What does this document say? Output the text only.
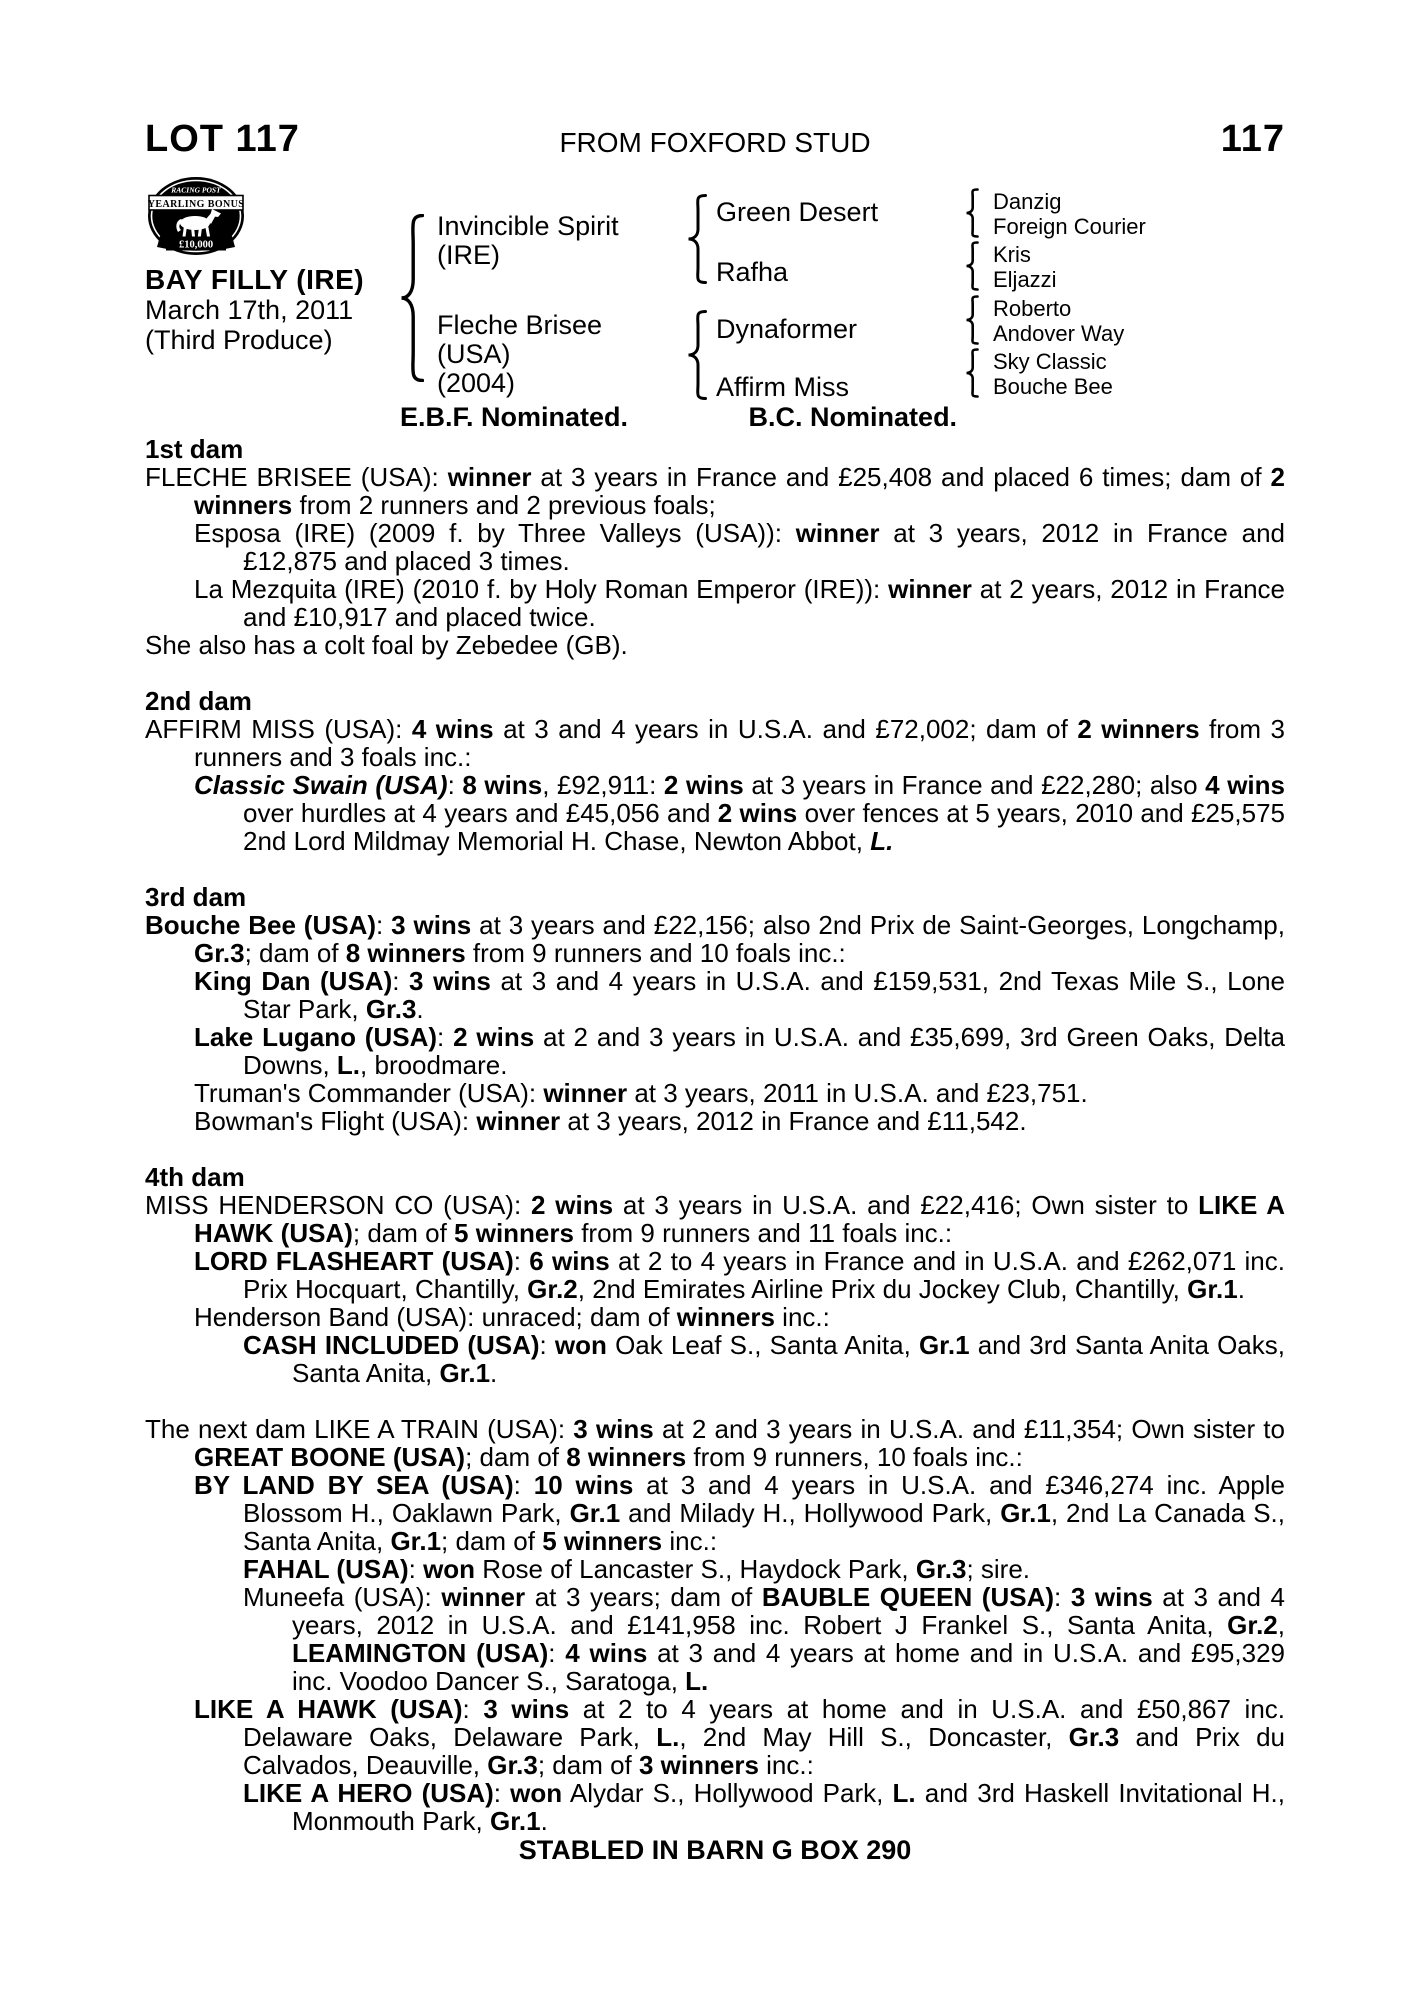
LOT 117	FROM FOXFORD STUD	117
RACING POST
YEARLING BONUS
£10,000
BAY FILLY (IRE)
March 17th, 2011
(Third Produce)
Invincible Spirit
(IRE)
Fleche Brisee
(USA)
(2004)
Green Desert
Rafha
Dynaformer
Affirm Miss
Danzig
Foreign Courier
Kris
Eljazzi
Roberto
Andover Way
Sky Classic
Bouche Bee
E.B.F. Nominated.	B.C. Nominated.
1st dam

FLECHE BRISEE (USA): winner at 3 years in France and £25,408 and placed 6 times; dam of 2 winners from 2 runners and 2 previous foals;

Esposa (IRE) (2009 f. by Three Valleys (USA)): winner at 3 years, 2012 in France and £12,875 and placed 3 times.

La Mezquita (IRE) (2010 f. by Holy Roman Emperor (IRE)): winner at 2 years, 2012 in France and £10,917 and placed twice.

She also has a colt foal by Zebedee (GB).

2nd dam

AFFIRM MISS (USA): 4 wins at 3 and 4 years in U.S.A. and £72,002; dam of 2 winners from 3 runners and 3 foals inc.:

Classic Swain (USA): 8 wins, £92,911: 2 wins at 3 years in France and £22,280; also 4 wins over hurdles at 4 years and £45,056 and 2 wins over fences at 5 years, 2010 and £25,575 2nd Lord Mildmay Memorial H. Chase, Newton Abbot, L.

3rd dam

Bouche Bee (USA): 3 wins at 3 years and £22,156; also 2nd Prix de Saint-Georges, Longchamp, Gr.3; dam of 8 winners from 9 runners and 10 foals inc.:

King Dan (USA): 3 wins at 3 and 4 years in U.S.A. and £159,531, 2nd Texas Mile S., Lone Star Park, Gr.3.

Lake Lugano (USA): 2 wins at 2 and 3 years in U.S.A. and £35,699, 3rd Green Oaks, Delta Downs, L., broodmare.

Truman's Commander (USA): winner at 3 years, 2011 in U.S.A. and £23,751.

Bowman's Flight (USA): winner at 3 years, 2012 in France and £11,542.

4th dam

MISS HENDERSON CO (USA): 2 wins at 3 years in U.S.A. and £22,416; Own sister to LIKE A HAWK (USA); dam of 5 winners from 9 runners and 11 foals inc.:

LORD FLASHEART (USA): 6 wins at 2 to 4 years in France and in U.S.A. and £262,071 inc. Prix Hocquart, Chantilly, Gr.2, 2nd Emirates Airline Prix du Jockey Club, Chantilly, Gr.1.

Henderson Band (USA): unraced; dam of winners inc.:

CASH INCLUDED (USA): won Oak Leaf S., Santa Anita, Gr.1 and 3rd Santa Anita Oaks, Santa Anita, Gr.1.

The next dam LIKE A TRAIN (USA): 3 wins at 2 and 3 years in U.S.A. and £11,354; Own sister to GREAT BOONE (USA); dam of 8 winners from 9 runners, 10 foals inc.:

BY LAND BY SEA (USA): 10 wins at 3 and 4 years in U.S.A. and £346,274 inc. Apple Blossom H., Oaklawn Park, Gr.1 and Milady H., Hollywood Park, Gr.1, 2nd La Canada S., Santa Anita, Gr.1; dam of 5 winners inc.:

FAHAL (USA): won Rose of Lancaster S., Haydock Park, Gr.3; sire.

Muneefa (USA): winner at 3 years; dam of BAUBLE QUEEN (USA): 3 wins at 3 and 4 years, 2012 in U.S.A. and £141,958 inc. Robert J Frankel S., Santa Anita, Gr.2, LEAMINGTON (USA): 4 wins at 3 and 4 years at home and in U.S.A. and £95,329 inc. Voodoo Dancer S., Saratoga, L.

LIKE A HAWK (USA): 3 wins at 2 to 4 years at home and in U.S.A. and £50,867 inc. Delaware Oaks, Delaware Park, L., 2nd May Hill S., Doncaster, Gr.3 and Prix du Calvados, Deauville, Gr.3; dam of 3 winners inc.:

LIKE A HERO (USA): won Alydar S., Hollywood Park, L. and 3rd Haskell Invitational H., Monmouth Park, Gr.1.

STABLED IN BARN G BOX 290
